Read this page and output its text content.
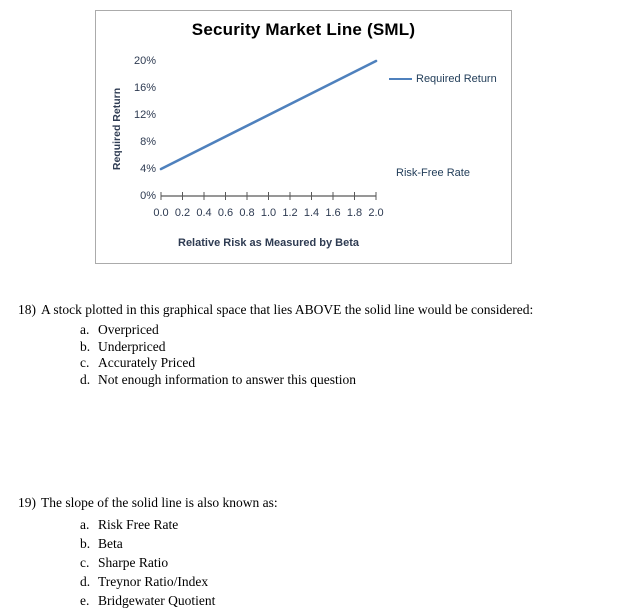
Security Market Line (SML)
Required Return
20%
16%
12%
8%
4%
0%
0.0 0.2 0.4 0.6 0.8 1.0 1.2 1.4 1.6 1.8 2.0
Relative Risk as Measured by Beta
Required Return
Risk-Free Rate
18) A stock plotted in this graphical space that lies ABOVE the solid line would be considered:
a. Overpriced
b. Underpriced
c. Accurately Priced
d. Not enough information to answer this question
19) The slope of the solid line is also known as:
a. Risk Free Rate
b. Beta
c. Sharpe Ratio
d. Treynor Ratio/Index
e. Bridgewater Quotient
